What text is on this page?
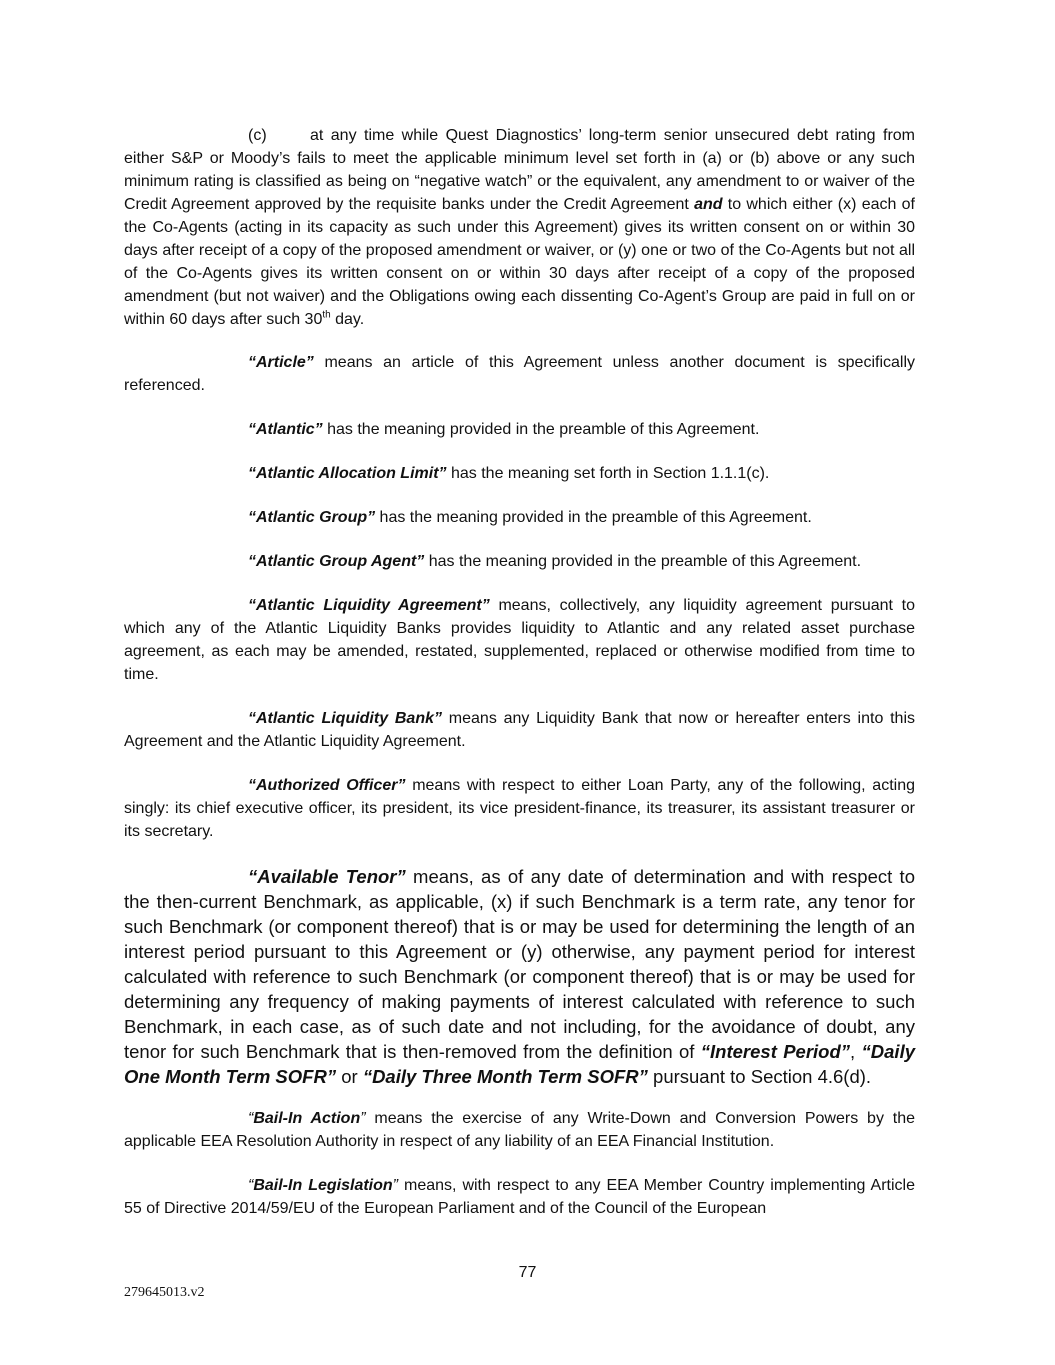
(c)	at any time while Quest Diagnostics’ long-term senior unsecured debt rating from either S&P or Moody’s fails to meet the applicable minimum level set forth in (a) or (b) above or any such minimum rating is classified as being on “negative watch” or the equivalent, any amendment to or waiver of the Credit Agreement approved by the requisite banks under the Credit Agreement and to which either (x) each of the Co-Agents (acting in its capacity as such under this Agreement) gives its written consent on or within 30 days after receipt of a copy of the proposed amendment or waiver, or (y) one or two of the Co-Agents but not all of the Co-Agents gives its written consent on or within 30 days after receipt of a copy of the proposed amendment (but not waiver) and the Obligations owing each dissenting Co-Agent’s Group are paid in full on or within 60 days after such 30th day.

“Article” means an article of this Agreement unless another document is specifically referenced.

“Atlantic” has the meaning provided in the preamble of this Agreement.

“Atlantic Allocation Limit” has the meaning set forth in Section 1.1.1(c).

“Atlantic Group” has the meaning provided in the preamble of this Agreement.

“Atlantic Group Agent” has the meaning provided in the preamble of this Agreement.

“Atlantic Liquidity Agreement” means, collectively, any liquidity agreement pursuant to which any of the Atlantic Liquidity Banks provides liquidity to Atlantic and any related asset purchase agreement, as each may be amended, restated, supplemented, replaced or otherwise modified from time to time.

“Atlantic Liquidity Bank” means any Liquidity Bank that now or hereafter enters into this Agreement and the Atlantic Liquidity Agreement.

“Authorized Officer” means with respect to either Loan Party, any of the following, acting singly: its chief executive officer, its president, its vice president-finance, its treasurer, its assistant treasurer or its secretary.

“Available Tenor” means, as of any date of determination and with respect to the then-current Benchmark, as applicable, (x) if such Benchmark is a term rate, any tenor for such Benchmark (or component thereof) that is or may be used for determining the length of an interest period pursuant to this Agreement or (y) otherwise, any payment period for interest calculated with reference to such Benchmark (or component thereof) that is or may be used for determining any frequency of making payments of interest calculated with reference to such Benchmark, in each case, as of such date and not including, for the avoidance of doubt, any tenor for such Benchmark that is then-removed from the definition of “Interest Period”, “Daily One Month Term SOFR” or “Daily Three Month Term SOFR” pursuant to Section 4.6(d).

“Bail-In Action” means the exercise of any Write-Down and Conversion Powers by the applicable EEA Resolution Authority in respect of any liability of an EEA Financial Institution.

“Bail-In Legislation” means, with respect to any EEA Member Country implementing Article 55 of Directive 2014/59/EU of the European Parliament and of the Council of the European

77
279645013.v2
